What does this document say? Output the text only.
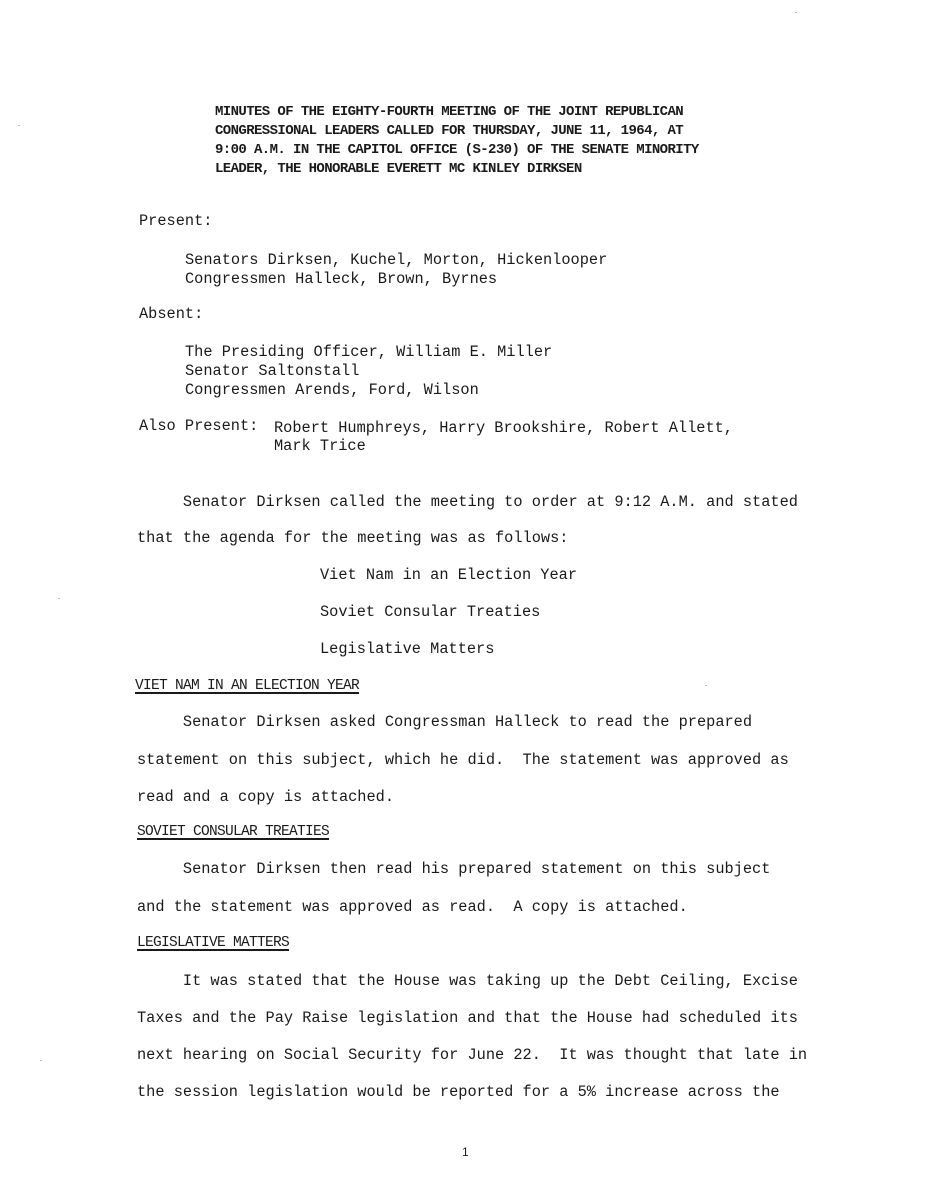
MINUTES OF THE EIGHTY-FOURTH MEETING OF THE JOINT REPUBLICAN
CONGRESSIONAL LEADERS CALLED FOR THURSDAY, JUNE 11, 1964, AT
9:00 A.M. IN THE CAPITOL OFFICE (S-230) OF THE SENATE MINORITY
LEADER, THE HONORABLE EVERETT MC KINLEY DIRKSEN
Present:
Senators Dirksen, Kuchel, Morton, Hickenlooper
Congressmen Halleck, Brown, Byrnes
Absent:
The Presiding Officer, William E. Miller
Senator Saltonstall
Congressmen Arends, Ford, Wilson
Also Present: Robert Humphreys, Harry Brookshire, Robert Allett,
Mark Trice
Senator Dirksen called the meeting to order at 9:12 A.M. and stated
that the agenda for the meeting was as follows:
Viet Nam in an Election Year
Soviet Consular Treaties
Legislative Matters
VIET NAM IN AN ELECTION YEAR
Senator Dirksen asked Congressman Halleck to read the prepared
statement on this subject, which he did.  The statement was approved as
read and a copy is attached.
SOVIET CONSULAR TREATIES
Senator Dirksen then read his prepared statement on this subject
and the statement was approved as read.  A copy is attached.
LEGISLATIVE MATTERS
It was stated that the House was taking up the Debt Ceiling, Excise
Taxes and the Pay Raise legislation and that the House had scheduled its
next hearing on Social Security for June 22.  It was thought that late in
the session legislation would be reported for a 5% increase across the
1
